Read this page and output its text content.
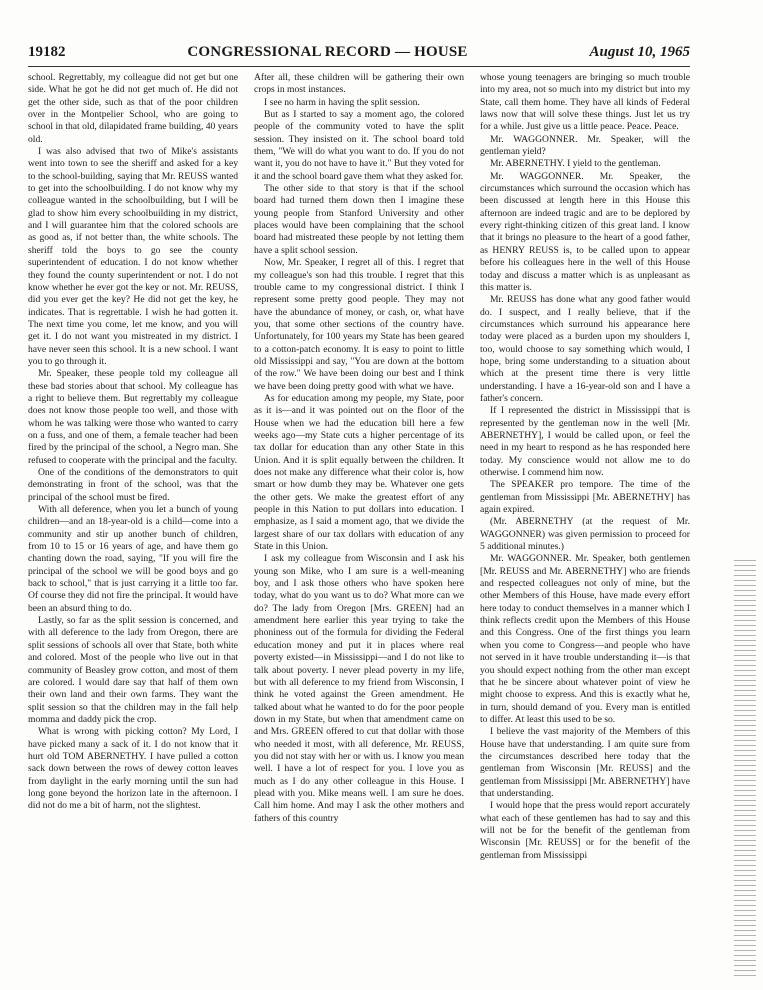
19182	CONGRESSIONAL RECORD — HOUSE	August 10, 1965

school. Regrettably, my colleague did not get but one side. What he got he did not get much of. He did not get the other side, such as that of the poor children over in the Montpelier School, who are going to school in that old, dilapidated frame building, 40 years old.

I was also advised that two of Mike's assistants went into town to see the sheriff and asked for a key to the school-building, saying that Mr. REUSS wanted to get into the schoolbuilding. I do not know why my colleague wanted in the schoolbuilding, but I will be glad to show him every schoolbuilding in my district, and I will guarantee him that the colored schools are as good as, if not better than, the white schools. The sheriff told the boys to go see the county superintendent of education. I do not know whether they found the county superintendent or not. I do not know whether he ever got the key or not. Mr. REUSS, did you ever get the key? He did not get the key, he indicates. That is regrettable. I wish he had gotten it. The next time you come, let me know, and you will get it. I do not want you mistreated in my district. I have never seen this school. It is a new school. I want you to go through it.

Mr. Speaker, these people told my colleague all these bad stories about that school. My colleague has a right to believe them. But regrettably my colleague does not know those people too well, and those with whom he was talking were those who wanted to carry on a fuss, and one of them, a female teacher had been fired by the principal of the school, a Negro man. She refused to cooperate with the principal and the faculty.

One of the conditions of the demonstrators to quit demonstrating in front of the school, was that the principal of the school must be fired.

With all deference, when you let a bunch of young children—and an 18-year-old is a child—come into a community and stir up another bunch of children, from 10 to 15 or 16 years of age, and have them go chanting down the road, saying, "If you will fire the principal of the school we will be good boys and go back to school," that is just carrying it a little too far. Of course they did not fire the principal. It would have been an absurd thing to do.

Lastly, so far as the split session is concerned, and with all deference to the lady from Oregon, there are split sessions of schools all over that State, both white and colored. Most of the people who live out in that community of Beasley grow cotton, and most of them are colored. I would dare say that half of them own their own land and their own farms. They want the split session so that the children may in the fall help momma and daddy pick the crop.

What is wrong with picking cotton? My Lord, I have picked many a sack of it. I do not know that it hurt old TOM ABERNETHY. I have pulled a cotton sack down between the rows of dewey cotton leaves from daylight in the early morning until the sun had long gone beyond the horizon late in the afternoon. I did not do me a bit of harm, not the slightest.

After all, these children will be gathering their own crops in most instances.

I see no harm in having the split session.

But as I started to say a moment ago, the colored people of the community voted to have the split session. They insisted on it. The school board told them, "We will do what you want to do. If you do not want it, you do not have to have it." But they voted for it and the school board gave them what they asked for.

The other side to that story is that if the school board had turned them down then I imagine these young people from Stanford University and other places would have been complaining that the school board had mistreated these people by not letting them have a split school session.

Now, Mr. Speaker, I regret all of this. I regret that my colleague's son had this trouble. I regret that this trouble came to my congressional district. I think I represent some pretty good people. They may not have the abundance of money, or cash, or, what have you, that some other sections of the country have. Unfortunately, for 100 years my State has been geared to a cotton-patch economy. It is easy to point to little old Mississippi and say, "You are down at the bottom of the row." We have been doing our best and I think we have been doing pretty good with what we have.

As for education among my people, my State, poor as it is—and it was pointed out on the floor of the House when we had the education bill here a few weeks ago—my State cuts a higher percentage of its tax dollar for education than any other State in this Union. And it is split equally between the children. It does not make any difference what their color is, how smart or how dumb they may be. Whatever one gets the other gets. We make the greatest effort of any people in this Nation to put dollars into education. I emphasize, as I said a moment ago, that we divide the largest share of our tax dollars with education of any State in this Union.

I ask my colleague from Wisconsin and I ask his young son Mike, who I am sure is a well-meaning boy, and I ask those others who have spoken here today, what do you want us to do? What more can we do? The lady from Oregon [Mrs. GREEN] had an amendment here earlier this year trying to take the phoniness out of the formula for dividing the Federal education money and put it in places where real poverty existed—in Mississippi—and I do not like to talk about poverty. I never plead poverty in my life, but with all deference to my friend from Wisconsin, I think he voted against the Green amendment. He talked about what he wanted to do for the poor people down in my State, but when that amendment came on and Mrs. GREEN offered to cut that dollar with those who needed it most, with all deference, Mr. REUSS, you did not stay with her or with us. I know you mean well. I have a lot of respect for you. I love you as much as I do any other colleague in this House. I plead with you. Mike means well. I am sure he does. Call him home. And may I ask the other mothers and fathers of this country

whose young teenagers are bringing so much trouble into my area, not so much into my district but into my State, call them home. They have all kinds of Federal laws now that will solve these things. Just let us try for a while. Just give us a little peace. Peace. Peace.

Mr. WAGGONNER. Mr. Speaker, will the gentleman yield?

Mr. ABERNETHY. I yield to the gentleman.

Mr. WAGGONNER. Mr. Speaker, the circumstances which surround the occasion which has been discussed at length here in this House this afternoon are indeed tragic and are to be deplored by every right-thinking citizen of this great land. I know that it brings no pleasure to the heart of a good father, as HENRY REUSS is, to be called upon to appear before his colleagues here in the well of this House today and discuss a matter which is as unpleasant as this matter is.

Mr. REUSS has done what any good father would do. I suspect, and I really believe, that if the circumstances which surround his appearance here today were placed as a burden upon my shoulders I, too, would choose to say something which would, I hope, bring some understanding to a situation about which at the present time there is very little understanding. I have a 16-year-old son and I have a father's concern.

If I represented the district in Mississippi that is represented by the gentleman now in the well [Mr. ABERNETHY], I would be called upon, or feel the need in my heart to respond as he has responded here today. My conscience would not allow me to do otherwise. I commend him now.

The SPEAKER pro tempore. The time of the gentleman from Mississippi [Mr. ABERNETHY] has again expired.

(Mr. ABERNETHY (at the request of Mr. WAGGONNER) was given permission to proceed for 5 additional minutes.)

Mr. WAGGONNER. Mr. Speaker, both gentlemen [Mr. REUSS and Mr. ABERNETHY] who are friends and respected colleagues not only of mine, but the other Members of this House, have made every effort here today to conduct themselves in a manner which I think reflects credit upon the Members of this House and this Congress. One of the first things you learn when you come to Congress—and people who have not served in it have trouble understanding it—is that you should expect nothing from the other man except that he be sincere about whatever point of view he might choose to express. And this is exactly what he, in turn, should demand of you. Every man is entitled to differ. At least this used to be so.

I believe the vast majority of the Members of this House have that understanding. I am quite sure from the circumstances described here today that the gentleman from Wisconsin [Mr. REUSS] and the gentleman from Mississippi [Mr. ABERNETHY] have that understanding.

I would hope that the press would report accurately what each of these gentlemen has had to say and this will not be for the benefit of the gentleman from Wisconsin [Mr. REUSS] or for the benefit of the gentleman from Mississippi
